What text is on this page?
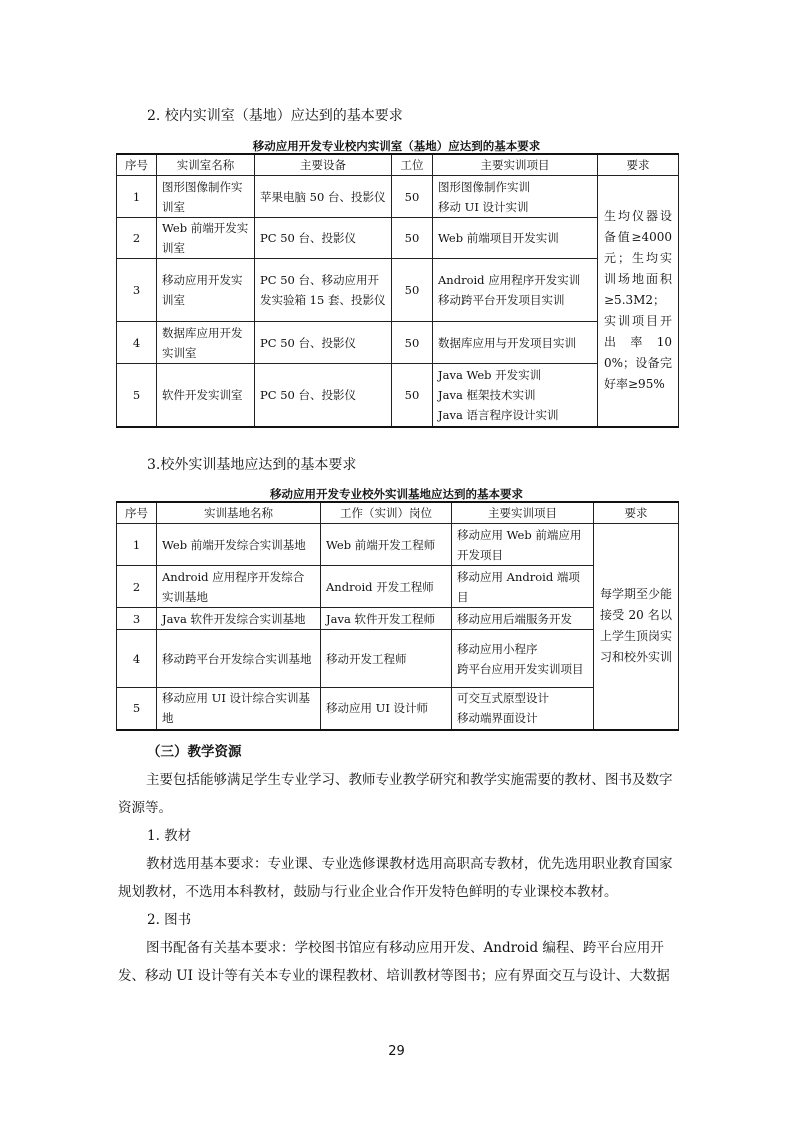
2. 校内实训室（基地）应达到的基本要求
移动应用开发专业校内实训室（基地）应达到的基本要求
序号	实训室名称	主要设备	工位	主要实训项目	要求
1	图形图像制作实训室	苹果电脑 50 台、投影仪	50	图形图像制作实训
移动 UI 设计实训	生均仪器设备值≥4000元；生均实训场地面积≥5.3M2；实训项目开出率100%；设备完好率≥95%
2	Web 前端开发实训室	PC 50 台、投影仪	50	Web 前端项目开发实训	

3	移动应用开发实训室	PC 50 台、移动应用开发实验箱 15 套、投影仪	50	Android 应用程序开发实训
移动跨平台开发项目实训	

4	数据库应用开发实训室	PC 50 台、投影仪	50	数据库应用与开发项目实训	

5	软件开发实训室	PC 50 台、投影仪	50	Java Web 开发实训
Java 框架技术实训
Java 语言程序设计实训	
3.校外实训基地应达到的基本要求
移动应用开发专业校外实训基地应达到的基本要求
序号	实训基地名称	工作（实训）岗位	主要实训项目	要求
1	Web 前端开发综合实训基地	Web 前端开发工程师	移动应用 Web 前端应用开发项目	每学期至少能接受 20 名以上学生顶岗实习和校外实训
2	Android 应用程序开发综合实训基地	Android 开发工程师	移动应用 Android 端项目	

3	Java 软件开发综合实训基地	Java 软件开发工程师	移动应用后端服务开发	

4	移动跨平台开发综合实训基地	移动开发工程师	移动应用小程序
跨平台应用开发实训项目	

5	移动应用 UI 设计综合实训基地	移动应用 UI 设计师	可交互式原型设计
移动端界面设计	
（三）教学资源
主要包括能够满足学生专业学习、教师专业教学研究和教学实施需要的教材、图书及数字资源等。
1. 教材
教材选用基本要求：专业课、专业选修课教材选用高职高专教材，优先选用职业教育国家规划教材，不选用本科教材，鼓励与行业企业合作开发特色鲜明的专业课校本教材。
2. 图书
图书配备有关基本要求：学校图书馆应有移动应用开发、Android 编程、跨平台应用开发、移动 UI 设计等有关本专业的课程教材、培训教材等图书；应有界面交互与设计、大数据
29
